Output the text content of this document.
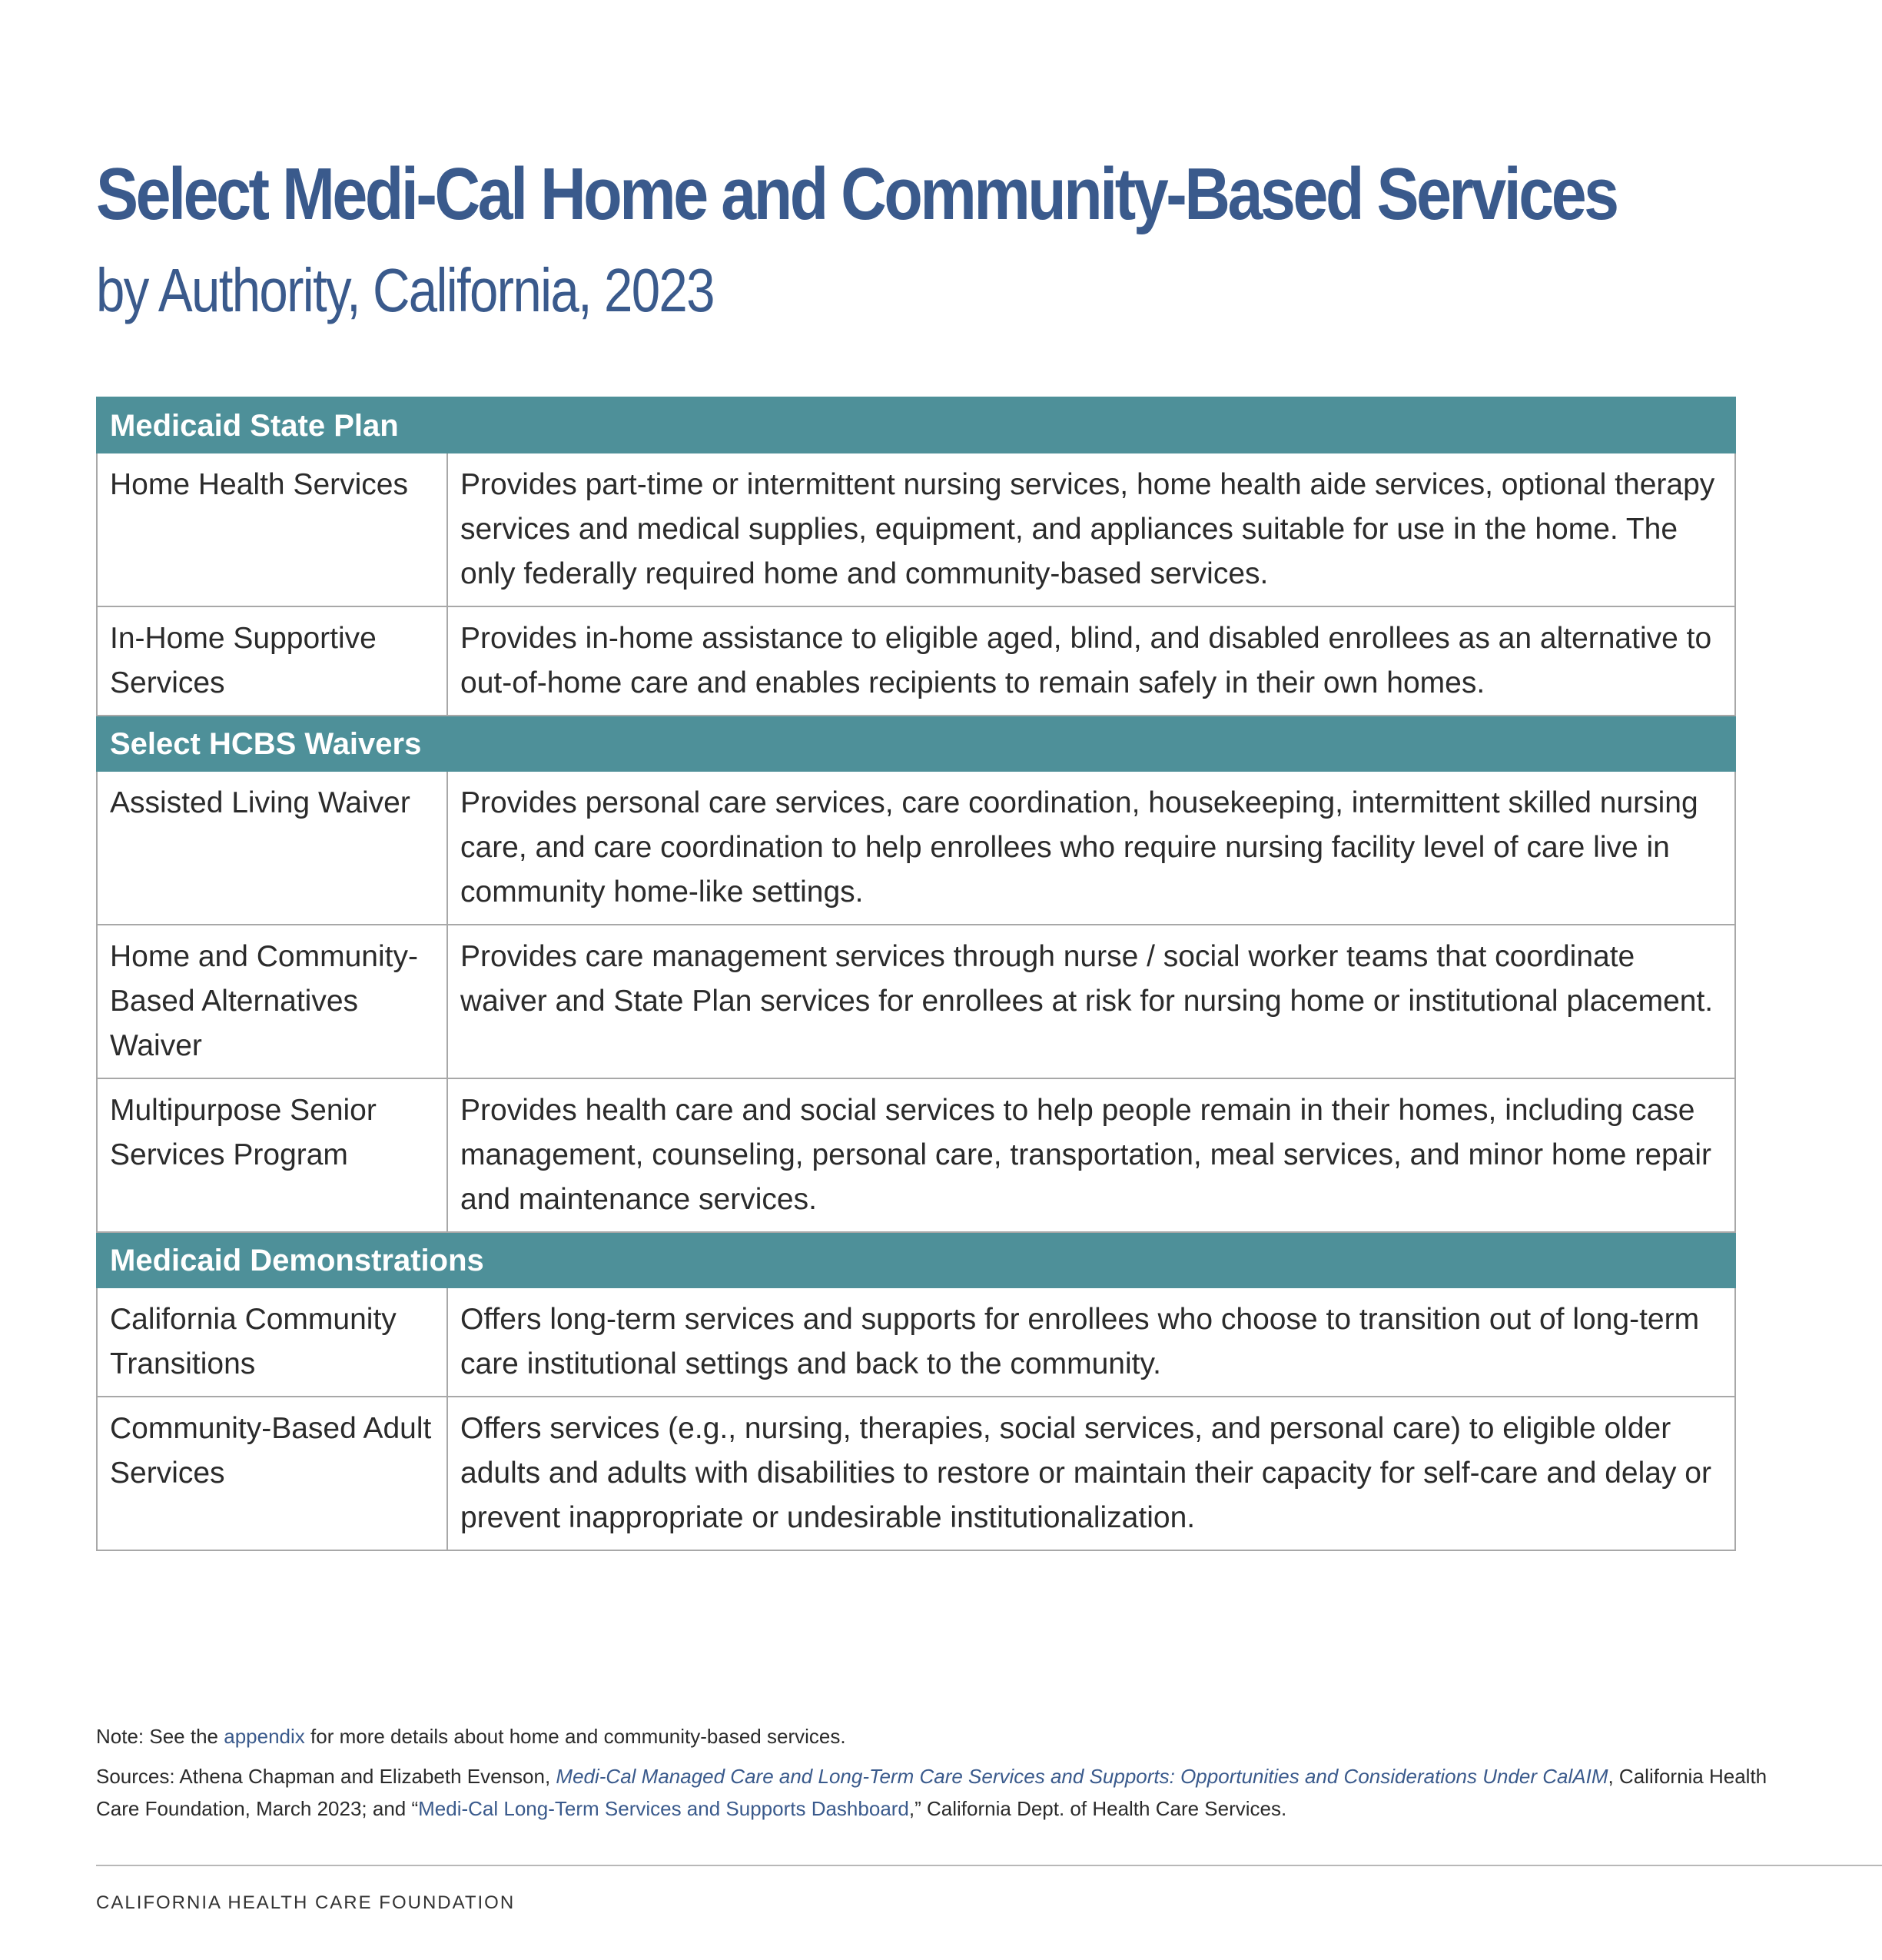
Select Medi-Cal Home and Community-Based Services
by Authority, California, 2023
Medicaid State Plan	
Home Health Services	Provides part-time or intermittent nursing services, home health aide services, optional therapy services and medical supplies, equipment, and appliances suitable for use in the home. The only federally required home and community-based services.
In-Home Supportive Services	Provides in-home assistance to eligible aged, blind, and disabled enrollees as an alternative to out-of-home care and enables recipients to remain safely in their own homes.
Select HCBS Waivers	
Assisted Living Waiver	Provides personal care services, care coordination, housekeeping, intermittent skilled nursing care, and care coordination to help enrollees who require nursing facility level of care live in community home-like settings.
Home and Community-Based Alternatives Waiver	Provides care management services through nurse / social worker teams that coordinate waiver and State Plan services for enrollees at risk for nursing home or institutional placement.
Multipurpose Senior Services Program	Provides health care and social services to help people remain in their homes, including case management, counseling, personal care, transportation, meal services, and minor home repair and maintenance services.
Medicaid Demonstrations	
California Community Transitions	Offers long-term services and supports for enrollees who choose to transition out of long-term care institutional settings and back to the community.
Community-Based Adult Services	Offers services (e.g., nursing, therapies, social services, and personal care) to eligible older adults and adults with disabilities to restore or maintain their capacity for self-care and delay or prevent inappropriate or undesirable institutionalization.

Note: See the appendix for more details about home and community-based services.

Sources: Athena Chapman and Elizabeth Evenson, Medi-Cal Managed Care and Long-Term Care Services and Supports: Opportunities and Considerations Under CalAIM, California Health Care Foundation, March 2023; and “Medi-Cal Long-Term Services and Supports Dashboard,” California Dept. of Health Care Services.

CALIFORNIA HEALTH CARE FOUNDATION
